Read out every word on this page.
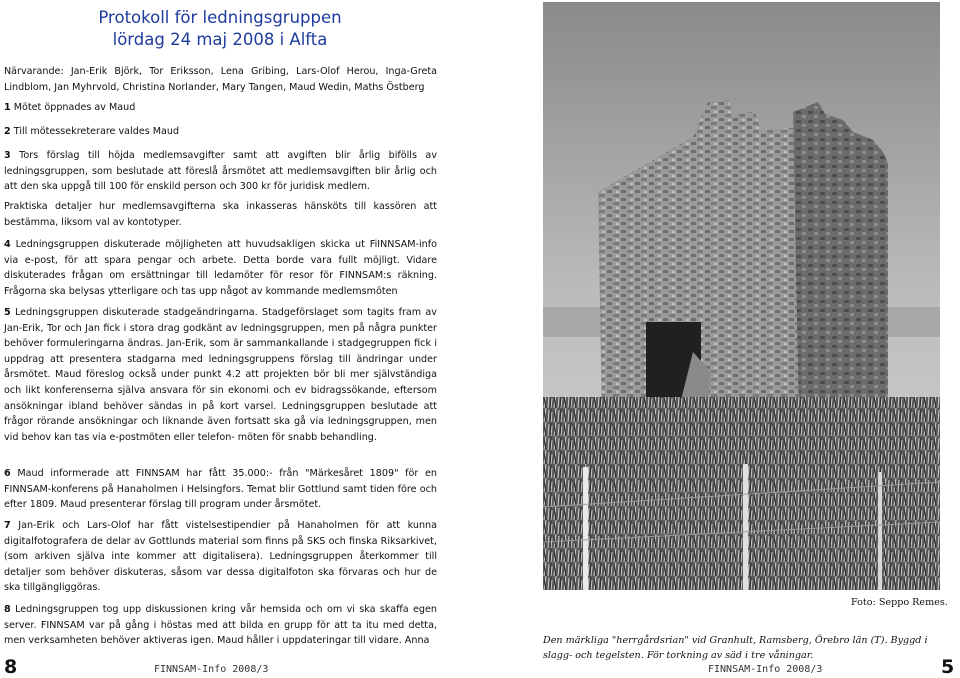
Protokoll för ledningsgruppen
lördag 24 maj 2008 i Alfta
Närvarande: Jan-Erik Björk, Tor Eriksson, Lena Gribing, Lars-Olof Herou, Inga-Greta Lindblom, Jan Myhrvold, Christina Norlander, Mary Tangen, Maud Wedin, Maths Östberg
1 Mötet öppnades av Maud
2 Till mötessekreterare valdes Maud
3 Tors förslag till höjda medlemsavgifter samt att avgiften blir årlig bifölls av ledningsgruppen, som beslutade att föreslå årsmötet att medlemsavgiften blir årlig och att den ska uppgå till 100 för enskild person och 300 kr för juridisk medlem.
Praktiska detaljer hur medlemsavgifterna ska inkasseras hänsköts till kassören att bestämma, liksom val av kontotyper.
4 Ledningsgruppen diskuterade möjligheten att huvudsakligen skicka ut FiINNSAM-info via e-post, för att spara pengar och arbete. Detta borde vara fullt möjligt. Vidare diskuterades frågan om ersättningar till ledamöter för resor för FINNSAM:s räkning. Frågorna ska belysas ytterligare och tas upp något av kommande medlemsmöten
5 Ledningsgruppen diskuterade stadgeändringarna. Stadgeförslaget som tagits fram av Jan-Erik, Tor och Jan fick i stora drag godkänt av ledningsgruppen, men på några punkter behöver formuleringarna ändras. Jan-Erik, som är sammankallande i stadgegruppen fick i uppdrag att presentera stadgarna med ledningsgruppens förslag till ändringar under årsmötet. Maud föreslog också under punkt 4.2 att projekten bör bli mer självständiga och likt konferenserna själva ansvara för sin ekonomi och ev bidragssökande, eftersom ansökningar ibland behöver sändas in på kort varsel. Ledningsgruppen beslutade att frågor rörande ansökningar och liknande även fortsatt ska gå via ledningsgruppen, men vid behov kan tas via e-postmöten eller telefon- möten för snabb behandling.
6 Maud informerade att FINNSAM har fått 35.000:- från "Märkesåret 1809" för en FINNSAM-konferens på Hanaholmen i Helsingfors. Temat blir Gottlund samt tiden före och efter 1809. Maud presenterar förslag till program under årsmötet.
7 Jan-Erik och Lars-Olof har fått vistelsestipendier på Hanaholmen för att kunna digitalfotografera de delar av Gottlunds material som finns på SKS och finska Riksarkivet, (som arkiven själva inte kommer att digitalisera). Ledningsgruppen återkommer till detaljer som behöver diskuteras, såsom var dessa digitalfoton ska förvaras och hur de ska tillgängliggöras.
8 Ledningsgruppen tog upp diskussionen kring vår hemsida och om vi ska skaffa egen server. FINNSAM var på gång i höstas med att bilda en grupp för att ta itu med detta, men verksamheten behöver aktiveras igen. Maud håller i uppdateringar till vidare. Anna
Foto: Seppo Remes.
Den märkliga "herrgårdsrian" vid Granhult, Ramsberg, Örebro län (T). Byggd i slagg- och tegelsten. För torkning av säd i tre våningar.
8	FINNSAM-Info 2008/3	FINNSAM-Info 2008/3	5
